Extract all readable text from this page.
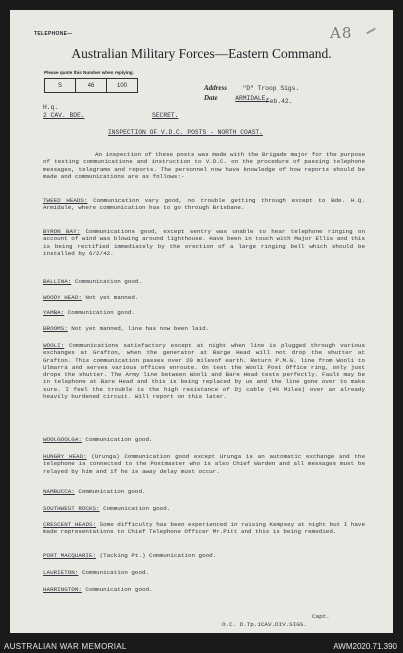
TELEPHONE—	A8
Australian Military Forces—Eastern Command.
Please quote this Number when replying.
S	46	100	Address "D" Troop Sigs.
Date	ARMIDALE.
Feb.42.
H.q.
2 CAV. BDE.	SECRET.
INSPECTION OF V.D.C. POSTS - NORTH COAST.
An inspection of these posts was made with the Brigade major for the purpose of testing communications and instruction to V.D.C. on the procedure of passing telephone messages, telegrams and reports. The personnel now have knowledge of how reports should be made and communications are as follows:-
TWEED HEADS: Communication vary good, no trouble getting through except to Bde. H.Q. Armidale, where communication has to go through Brisbane.
BYRON BAY: Communications good, except sentry was unable to hear telephone ringing on account of wind was blowing around lighthouse. Have been in touch with Major Ellis and this is being rectified immediately by the erection of a large ringing bell which should be installed by 6/2/42.
BALLINA: Communication good.
WOODY HEAD: Not yet manned.
YAMBA: Communication good.
BROOMS: Not yet manned, line has now been laid.
WOOLI: Communications satisfactory except at night when line is plugged through various exchanges at Grafton, when the generator at Barge Head will not drop the shutter at Grafton. This communication passes over 20 milesof earth. Return P.M.G. line from Wooli to Ulmarra and serves various offices enroute. On test the Wooli Post Office ring, only just drops the shutter. The Army line between Wooli and Bare Head tests perfectly. Fault may be in telephone at Bare Head and this is being replaced by us and the line gone over to make sure. I feel the trouble is the high resistance of Dj cable (4½ Miles) over an already heavily burdened circuit. Will report on this later.
WOOLGOOLGA: Communication good.
HUNGRY HEAD: (Urunga) Communication good except Urunga is an automatic exchange and the telephone is connected to the Postmaster who is also Chief Warden and all messages must be relayed by him and if he is away delay must occur.
NAMBUCCA: Communication good.
SOUTHWEST ROCKS: Communication good.
CRESCENT HEADS: Some difficulty has been experienced in raising Kempsey at night but I have made representations to Chief Telephone Officer Mr.Pitt and this is being remedied.
PORT MACQUARIE: (Tacking Pt.) Communication good.
LAURIETON: Communication good.
HARRINGTON: Communication good.
Capt.
O.C. D.Tp.1CAV.DIV.SIGS.
AUSTRALIAN WAR MEMORIAL	AWM2020.71.390
